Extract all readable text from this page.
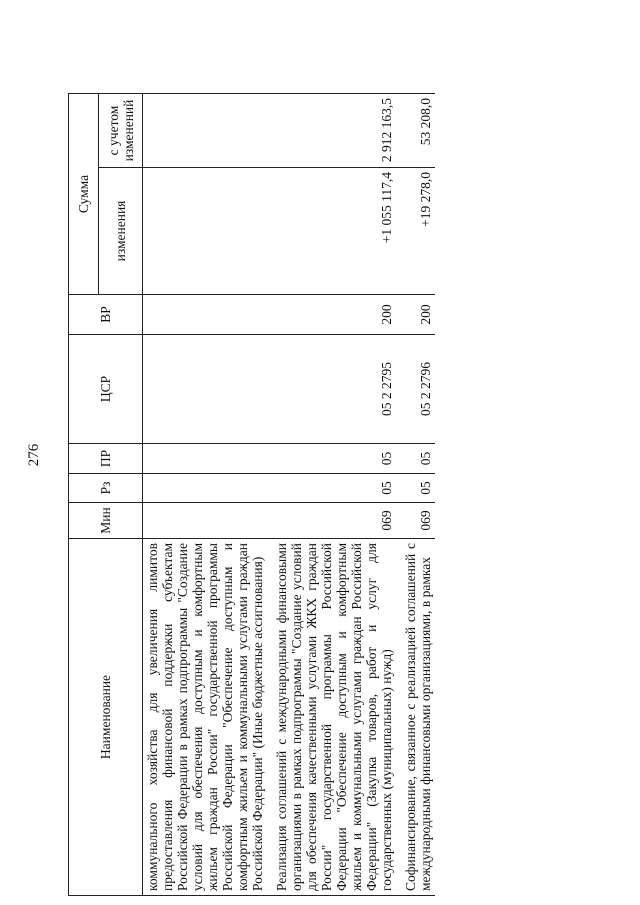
276
Наименование	Мин	Рз	ПР	ЦСР	ВР	Сумма	
						изменения	с учетом изменений
коммунального хозяйства для увеличения лимитов предоставления финансовой поддержки субъектам Российской Федерации в рамках подпрограммы "Создание условий для обеспечения доступным и комфортным жильем граждан России" государственной программы Российской Федерации "Обеспечение доступным и комфортным жильем и коммунальными услугами граждан Российской Федерации" (Иные бюджетные ассигнования)							
Реализация соглашений с международными финансовыми организациями в рамках подпрограммы "Создание условий для обеспечения качественными услугами ЖКХ граждан России" государственной программы Российской Федерации "Обеспечение доступным и комфортным жильем и коммунальными услугами граждан Российской Федерации" (Закупка товаров, работ и услуг для государственных (муниципальных) нужд)	069	05	05	05 2 2795	200	+1 055 117,4	2 912 163,5
Софинансирование, связанное с реализацией соглашений с международными финансовыми организациями, в рамках	069	05	05	05 2 2796	200	+19 278,0	53 208,0
